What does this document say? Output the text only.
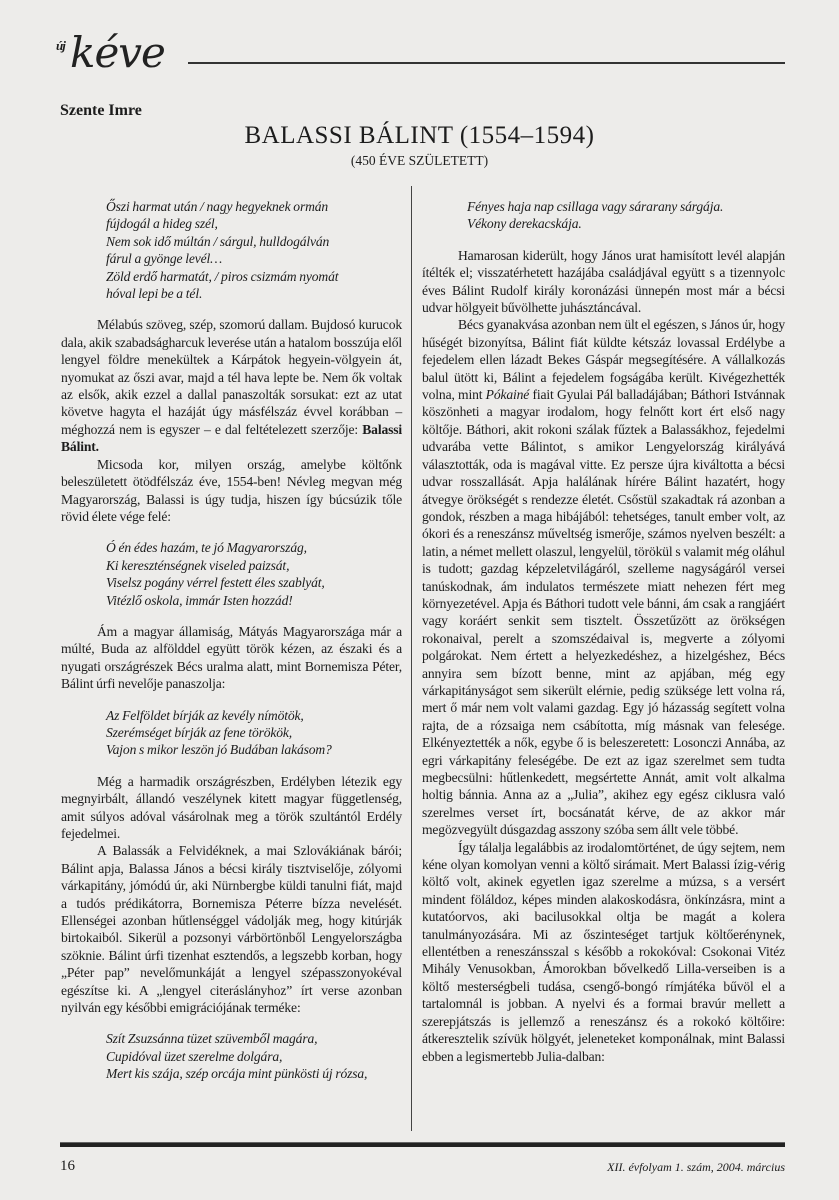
új kéve
Szente Imre
BALASSI BÁLINT (1554–1594)
(450 ÉVE SZÜLETETT)
Őszi harmat után / nagy hegyeknek ormán
fújdogál a hideg szél,
Nem sok idő múltán / sárgul, hulldogálván
fárul a gyönge levél…
Zöld erdő harmatát, / piros csizmám nyomát
hóval lepi be a tél.

Mélabús szöveg, szép, szomorú dallam. Bujdosó kurucok dala, akik szabadságharcuk leverése után a hatalom bosszúja elől lengyel földre menekültek a Kárpátok hegyein-völgyein át, nyomukat az őszi avar, majd a tél hava lepte be. Nem ők voltak az elsők, akik ezzel a dallal panaszolták sorsukat: ezt az utat követve hagyta el hazáját úgy másfélszáz évvel korábban – méghozzá nem is egyszer – e dal feltételezett szerzője: Balassi Bálint.

Micsoda kor, milyen ország, amelybe költőnk beleszületett ötödfélszáz éve, 1554-ben! Névleg megvan még Magyarország, Balassi is úgy tudja, hiszen így búcsúzik tőle rövid élete vége felé:

Ó én édes hazám, te jó Magyarország,
Ki kereszténségnek viseled paizsát,
Viselsz pogány vérrel festett éles szablyát,
Vitézlő oskola, immár Isten hozzád!

Ám a magyar államiság, Mátyás Magyarországa már a múlté, Buda az alfölddel együtt török kézen, az északi és a nyugati országrészek Bécs uralma alatt, mint Bornemisza Péter, Bálint úrfi nevelője panaszolja:

Az Felföldet bírják az kevély nímötök,
Szerémséget bírják az fene törökök,
Vajon s mikor leszön jó Budában lakásom?

Még a harmadik országrészben, Erdélyben létezik egy megnyirbált, állandó veszélynek kitett magyar függetlenség, amit súlyos adóval vásárolnak meg a török szultántól Erdély fejedelmei.

A Balassák a Felvidéknek, a mai Szlovákiának bárói; Bálint apja, Balassa János a bécsi király tisztviselője, zólyomi várkapitány, jómódú úr, aki Nürnbergbe küldi tanulni fiát, majd a tudós prédikátorra, Bornemisza Péterre bízza nevelését. Ellenségei azonban hűtlenséggel vádolják meg, hogy kitúrják birtokaiból. Sikerül a pozsonyi várbörtönből Lengyelországba szöknie. Bálint úrfi tizenhat esztendős, a legszebb korban, hogy „Péter pap” nevelőmunkáját a lengyel szépasszonyokéval egészítse ki. A „lengyel citeráslányhoz” írt verse azonban nyilván egy későbbi emigrációjának terméke:

Szít Zsuzsánna tüzet szüvemből magára,
Cupidóval üzet szerelme dolgára,
Mert kis szája, szép orcája mint pünkösti új rózsa,
Fényes haja nap csillaga vagy sárarany sárgája.
Vékony derekacskája.

Hamarosan kiderült, hogy János urat hamisított levél alapján ítélték el; visszatérhetett hazájába családjával együtt s a tizennyolc éves Bálint Rudolf király koronázási ünnepén most már a bécsi udvar hölgyeit bűvölhette juhásztáncával.

Bécs gyanakvása azonban nem ült el egészen, s János úr, hogy hűségét bizonyítsa, Bálint fiát küldte kétszáz lovassal Erdélybe a fejedelem ellen lázadt Bekes Gáspár megsegítésére. A vállalkozás balul ütött ki, Bálint a fejedelem fogságába került. Kivégezhették volna, mint Pókainé fiait Gyulai Pál balladájában; Báthori Istvánnak köszönheti a magyar irodalom, hogy felnőtt kort ért első nagy költője. Báthori, akit rokoni szálak fűztek a Balassákhoz, fejedelmi udvarába vette Bálintot, s amikor Lengyelország királyává választották, oda is magával vitte. Ez persze újra kiváltotta a bécsi udvar rosszallását. Apja halálának hírére Bálint hazatért, hogy átvegye örökségét s rendezze életét. Csőstül szakadtak rá azonban a gondok, részben a maga hibájából: tehetséges, tanult ember volt, az ókori és a reneszánsz műveltség ismerője, számos nyelven beszélt: a latin, a német mellett olaszul, lengyelül, törökül s valamit még oláhul is tudott; gazdag képzeletvilágáról, szelleme nagyságáról versei tanúskodnak, ám indulatos természete miatt nehezen fért meg környezetével. Apja és Báthori tudott vele bánni, ám csak a rangjáért vagy koráért senkit sem tisztelt. Összetűzött az örökségen rokonaival, perelt a szomszédaival is, megverte a zólyomi polgárokat. Nem értett a helyezkedéshez, a hizelgéshez, Bécs annyira sem bízott benne, mint az apjában, még egy várkapitányságot sem sikerült elérnie, pedig szüksége lett volna rá, mert ő már nem volt valami gazdag. Egy jó házasság segített volna rajta, de a rózsaiga nem csábította, míg másnak van felesége. Elkényeztették a nők, egybe ő is beleszeretett: Losonczi Annába, az egri várkapitány feleségébe. De ezt az igaz szerelmet sem tudta megbecsülni: hűtlenkedett, megsértette Annát, amit volt alkalma holtig bánnia. Anna az a „Julia”, akihez egy egész ciklusra való szerelmes verset írt, bocsánatát kérve, de az akkor már megözvegyült dúsgazdag asszony szóba sem állt vele többé.

Így tálalja legalábbis az irodalomtörténet, de úgy sejtem, nem kéne olyan komolyan venni a költő sirámait. Mert Balassi ízig-vérig költő volt, akinek egyetlen igaz szerelme a múzsa, s a versért mindent föláldoz, képes minden alakoskodásra, önkínzásra, mint a kutatóorvos, aki bacilusokkal oltja be magát a kolera tanulmányozására. Mi az őszinteséget tartjuk költőerénynek, ellentétben a reneszánsszal s később a rokokóval: Csokonai Vitéz Mihály Venusokban, Ámorokban bővelkedő Lilla-verseiben is a költő mesterségbeli tudása, csengő-bongó rímjátéka bűvöl el a tartalomnál is jobban. A nyelvi és a formai bravúr mellett a szerepjátszás is jellemző a reneszánsz és a rokokó költőire: átkeresztelik szívük hölgyét, jeleneteket komponálnak, mint Balassi ebben a legismertebb Julia-dalban:

16	XII. évfolyam 1. szám, 2004. március
